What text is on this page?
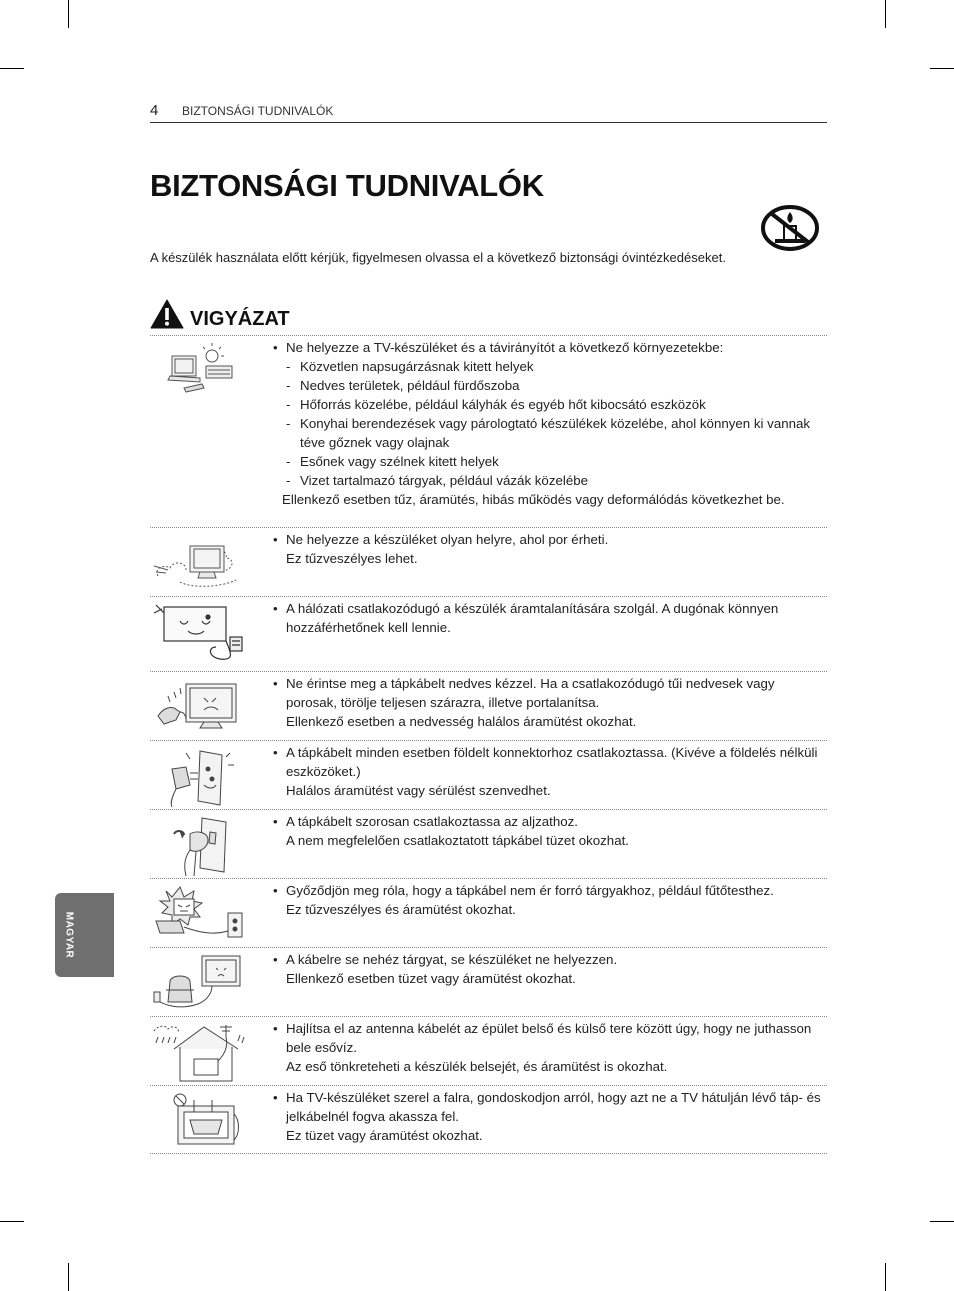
4 BIZTONSÁGI TUDNIVALÓK
BIZTONSÁGI TUDNIVALÓK
A készülék használata előtt kérjük, figyelmesen olvassa el a következő biztonsági óvintézkedéseket.
VIGYÁZAT
• Ne helyezze a TV-készüléket és a távirányítót a következő környezetekbe:
- Közvetlen napsugárzásnak kitett helyek
- Nedves területek, például fürdőszoba
- Hőforrás közelébe, például kályhák és egyéb hőt kibocsátó eszközök
- Konyhai berendezések vagy párologtató készülékek közelébe, ahol könnyen ki vannak téve gőznek vagy olajnak
- Esőnek vagy szélnek kitett helyek
- Vizet tartalmazó tárgyak, például vázák közelébe
Ellenkező esetben tűz, áramütés, hibás működés vagy deformálódás következhet be.
• Ne helyezze a készüléket olyan helyre, ahol por érheti.
Ez tűzveszélyes lehet.
• A hálózati csatlakozódugó a készülék áramtalanítására szolgál. A dugónak könnyen hozzáférhetőnek kell lennie.
• Ne érintse meg a tápkábelt nedves kézzel. Ha a csatlakozódugó tűi nedvesek vagy porosak, törölje teljesen szárazra, illetve portalanítsa.
Ellenkező esetben a nedvesség halálos áramütést okozhat.
• A tápkábelt minden esetben földelt konnektorhoz csatlakoztassa. (Kivéve a földelés nélküli eszközöket.)
Halálos áramütést vagy sérülést szenvedhet.
• A tápkábelt szorosan csatlakoztassa az aljzathoz.
A nem megfelelően csatlakoztatott tápkábel tüzet okozhat.
• Győződjön meg róla, hogy a tápkábel nem ér forró tárgyakhoz, például fűtőtesthez.
Ez tűzveszélyes és áramütést okozhat.
• A kábelre se nehéz tárgyat, se készüléket ne helyezzen.
Ellenkező esetben tüzet vagy áramütést okozhat.
• Hajlítsa el az antenna kábelét az épület belső és külső tere között úgy, hogy ne juthasson bele esővíz.
Az eső tönkreteheti a készülék belsejét, és áramütést is okozhat.
• Ha TV-készüléket szerel a falra, gondoskodjon arról, hogy azt ne a TV hátulján lévő táp- és jelkábelnél fogva akassza fel.
Ez tüzet vagy áramütést okozhat.
MAGYAR
